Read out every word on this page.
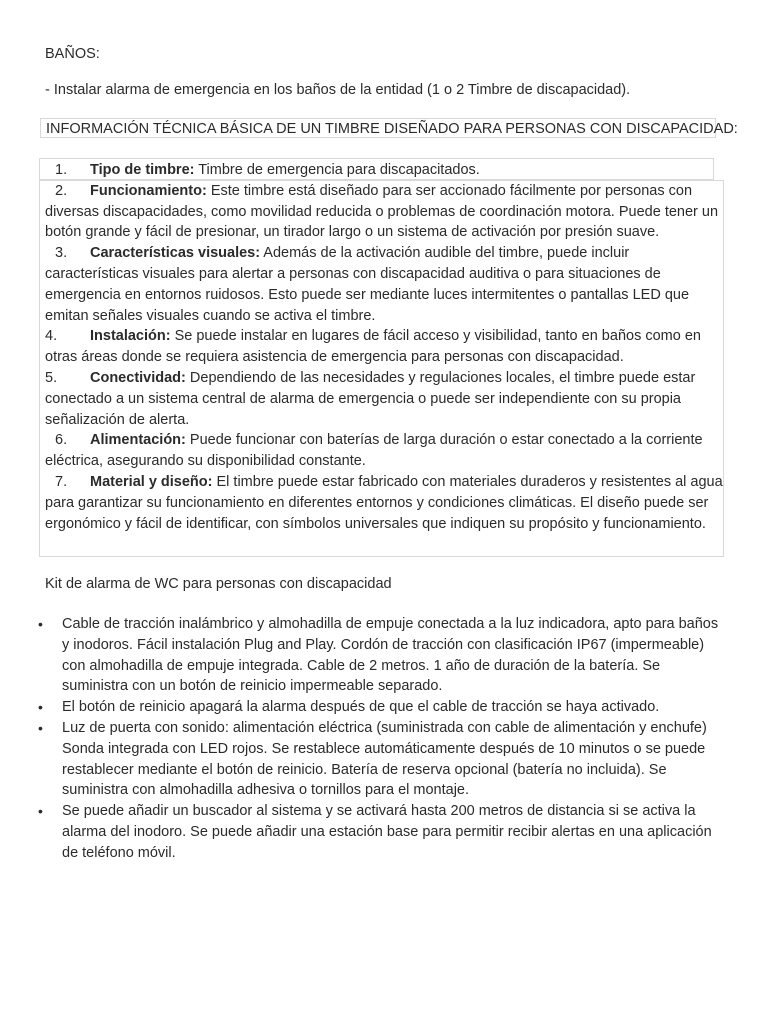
BAÑOS:
- Instalar alarma de emergencia en los baños de la entidad (1 o 2 Timbre de discapacidad).
INFORMACIÓN TÉCNICA BÁSICA DE UN TIMBRE DISEÑADO PARA PERSONAS CON DISCAPACIDAD:

1. Tipo de timbre: Timbre de emergencia para discapacitados.

2. Funcionamiento: Este timbre está diseñado para ser accionado fácilmente por personas con diversas discapacidades, como movilidad reducida o problemas de coordinación motora. Puede tener un botón grande y fácil de presionar, un tirador largo o un sistema de activación por presión suave.

3. Características visuales: Además de la activación audible del timbre, puede incluir características visuales para alertar a personas con discapacidad auditiva o para situaciones de emergencia en entornos ruidosos. Esto puede ser mediante luces intermitentes o pantallas LED que emitan señales visuales cuando se activa el timbre.

4. Instalación: Se puede instalar en lugares de fácil acceso y visibilidad, tanto en baños como en otras áreas donde se requiera asistencia de emergencia para personas con discapacidad.

5. Conectividad: Dependiendo de las necesidades y regulaciones locales, el timbre puede estar conectado a un sistema central de alarma de emergencia o puede ser independiente con su propia señalización de alerta.

6. Alimentación: Puede funcionar con baterías de larga duración o estar conectado a la corriente eléctrica, asegurando su disponibilidad constante.

7. Material y diseño: El timbre puede estar fabricado con materiales duraderos y resistentes al agua para garantizar su funcionamiento en diferentes entornos y condiciones climáticas. El diseño puede ser ergonómico y fácil de identificar, con símbolos universales que indiquen su propósito y funcionamiento.

Kit de alarma de WC para personas con discapacidad

• Cable de tracción inalámbrico y almohadilla de empuje conectada a la luz indicadora, apto para baños y inodoros. Fácil instalación Plug and Play. Cordón de tracción con clasificación IP67 (impermeable) con almohadilla de empuje integrada. Cable de 2 metros. 1 año de duración de la batería. Se suministra con un botón de reinicio impermeable separado.

• El botón de reinicio apagará la alarma después de que el cable de tracción se haya activado.

• Luz de puerta con sonido: alimentación eléctrica (suministrada con cable de alimentación y enchufe) Sonda integrada con LED rojos. Se restablece automáticamente después de 10 minutos o se puede restablecer mediante el botón de reinicio. Batería de reserva opcional (batería no incluida). Se suministra con almohadilla adhesiva o tornillos para el montaje.

• Se puede añadir un buscador al sistema y se activará hasta 200 metros de distancia si se activa la alarma del inodoro. Se puede añadir una estación base para permitir recibir alertas en una aplicación de teléfono móvil.
